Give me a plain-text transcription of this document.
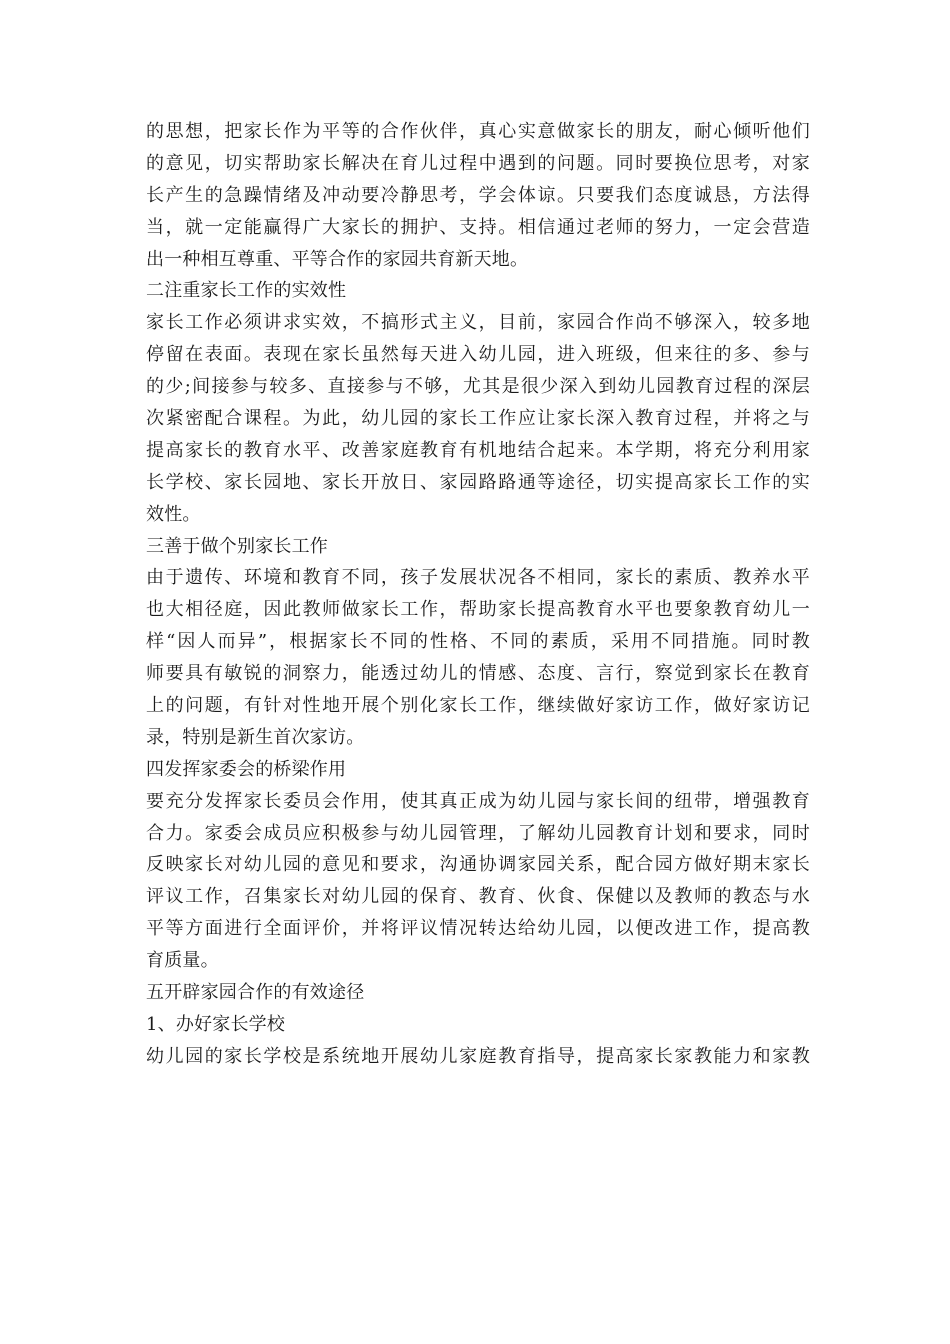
的思想，把家长作为平等的合作伙伴，真心实意做家长的朋友，耐心倾听他们
的意见，切实帮助家长解决在育儿过程中遇到的问题。同时要换位思考，对家
长产生的急躁情绪及冲动要冷静思考，学会体谅。只要我们态度诚恳，方法得
当，就一定能赢得广大家长的拥护、支持。相信通过老师的努力，一定会营造
出一种相互尊重、平等合作的家园共育新天地。
二注重家长工作的实效性
家长工作必须讲求实效，不搞形式主义，目前，家园合作尚不够深入，较多地
停留在表面。表现在家长虽然每天进入幼儿园，进入班级，但来往的多、参与
的少;间接参与较多、直接参与不够，尤其是很少深入到幼儿园教育过程的深层
次紧密配合课程。为此，幼儿园的家长工作应让家长深入教育过程，并将之与
提高家长的教育水平、改善家庭教育有机地结合起来。本学期，将充分利用家
长学校、家长园地、家长开放日、家园路路通等途径，切实提高家长工作的实
效性。
三善于做个别家长工作
由于遗传、环境和教育不同，孩子发展状况各不相同，家长的素质、教养水平
也大相径庭，因此教师做家长工作，帮助家长提高教育水平也要象教育幼儿一
样“因人而异”，根据家长不同的性格、不同的素质，采用不同措施。同时教
师要具有敏锐的洞察力，能透过幼儿的情感、态度、言行，察觉到家长在教育
上的问题，有针对性地开展个别化家长工作，继续做好家访工作，做好家访记
录，特别是新生首次家访。
四发挥家委会的桥梁作用
要充分发挥家长委员会作用，使其真正成为幼儿园与家长间的纽带，增强教育
合力。家委会成员应积极参与幼儿园管理，了解幼儿园教育计划和要求，同时
反映家长对幼儿园的意见和要求，沟通协调家园关系，配合园方做好期末家长
评议工作，召集家长对幼儿园的保育、教育、伙食、保健以及教师的教态与水
平等方面进行全面评价，并将评议情况转达给幼儿园，以便改进工作，提高教
育质量。
五开辟家园合作的有效途径
1、办好家长学校
幼儿园的家长学校是系统地开展幼儿家庭教育指导，提高家长家教能力和家教
